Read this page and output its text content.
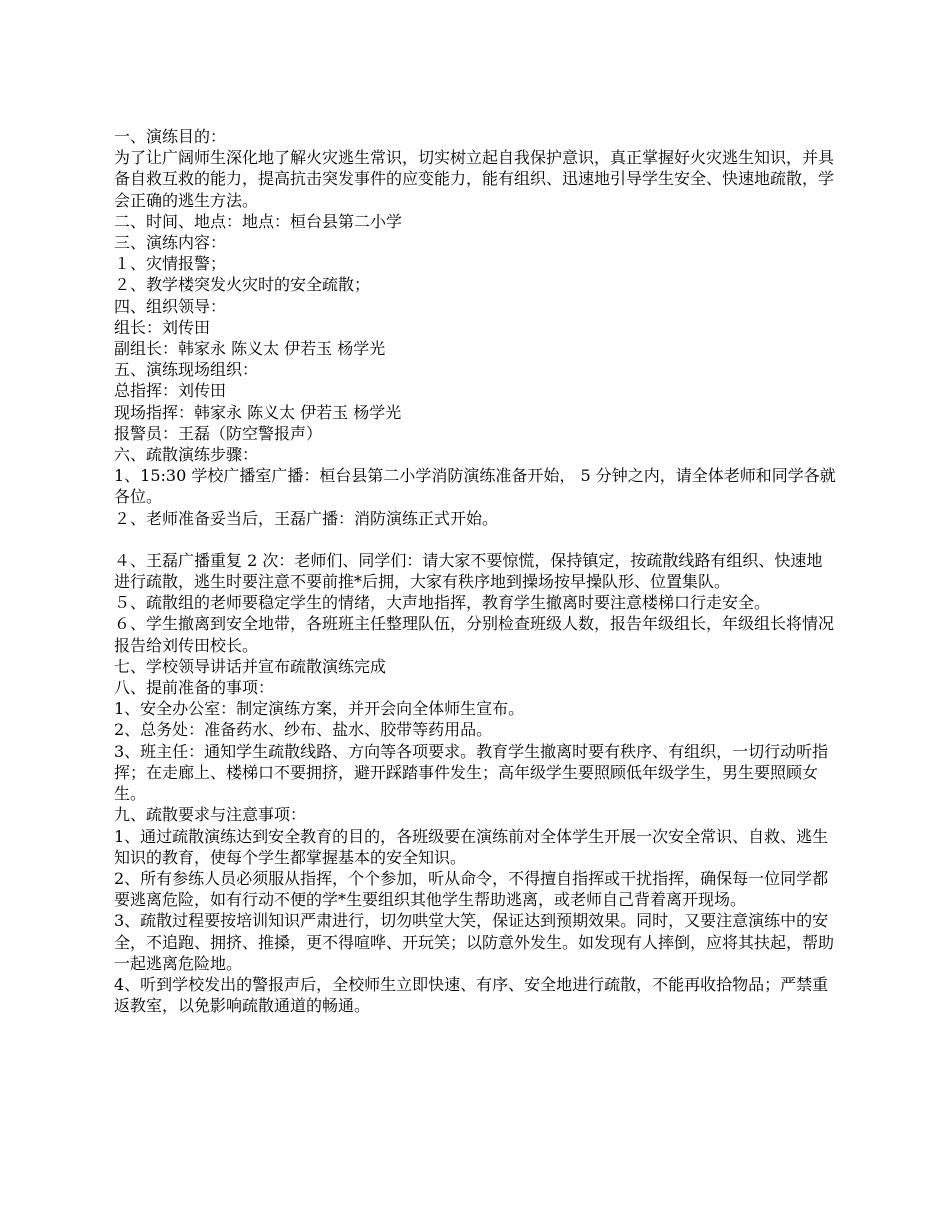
一、演练目的：

为了让广阔师生深化地了解火灾逃生常识，切实树立起自我保护意识，真正掌握好火灾逃生知识，并具备自救互救的能力，提高抗击突发事件的应变能力，能有组织、迅速地引导学生安全、快速地疏散，学会正确的逃生方法。

二、时间、地点：地点：桓台县第二小学

三、演练内容：

１、灾情报警；

２、教学楼突发火灾时的安全疏散；

四、组织领导：

组长：刘传田

副组长：韩家永 陈义太 伊若玉 杨学光

五、演练现场组织：

总指挥：刘传田

现场指挥：韩家永 陈义太 伊若玉 杨学光

报警员：王磊（防空警报声）

六、疏散演练步骤：

1、15:30 学校广播室广播：桓台县第二小学消防演练准备开始， 5 分钟之内，请全体老师和同学各就各位。

２、老师准备妥当后，王磊广播：消防演练正式开始。

４、王磊广播重复 2 次：老师们、同学们：请大家不要惊慌，保持镇定，按疏散线路有组织、快速地进行疏散，逃生时要注意不要前推*后拥，大家有秩序地到操场按早操队形、位置集队。

５、疏散组的老师要稳定学生的情绪，大声地指挥，教育学生撤离时要注意楼梯口行走安全。

６、学生撤离到安全地带，各班班主任整理队伍，分别检查班级人数，报告年级组长，年级组长将情况报告给刘传田校长。

七、学校领导讲话并宣布疏散演练完成

八、提前准备的事项：

1、安全办公室：制定演练方案，并开会向全体师生宣布。

2、总务处：准备药水、纱布、盐水、胶带等药用品。

3、班主任：通知学生疏散线路、方向等各项要求。教育学生撤离时要有秩序、有组织，一切行动听指挥；在走廊上、楼梯口不要拥挤，避开踩踏事件发生；高年级学生要照顾低年级学生，男生要照顾女生。

九、疏散要求与注意事项：

1、通过疏散演练达到安全教育的目的，各班级要在演练前对全体学生开展一次安全常识、自救、逃生知识的教育，使每个学生都掌握基本的安全知识。

2、所有参练人员必须服从指挥，个个参加，听从命令，不得擅自指挥或干扰指挥，确保每一位同学都要逃离危险，如有行动不便的学*生要组织其他学生帮助逃离，或老师自己背着离开现场。

3、疏散过程要按培训知识严肃进行，切勿哄堂大笑，保证达到预期效果。同时，又要注意演练中的安全，不追跑、拥挤、推搡，更不得喧哗、开玩笑；以防意外发生。如发现有人摔倒，应将其扶起，帮助一起逃离危险地。

4、听到学校发出的警报声后，全校师生立即快速、有序、安全地进行疏散，不能再收拾物品；严禁重返教室，以免影响疏散通道的畅通。
